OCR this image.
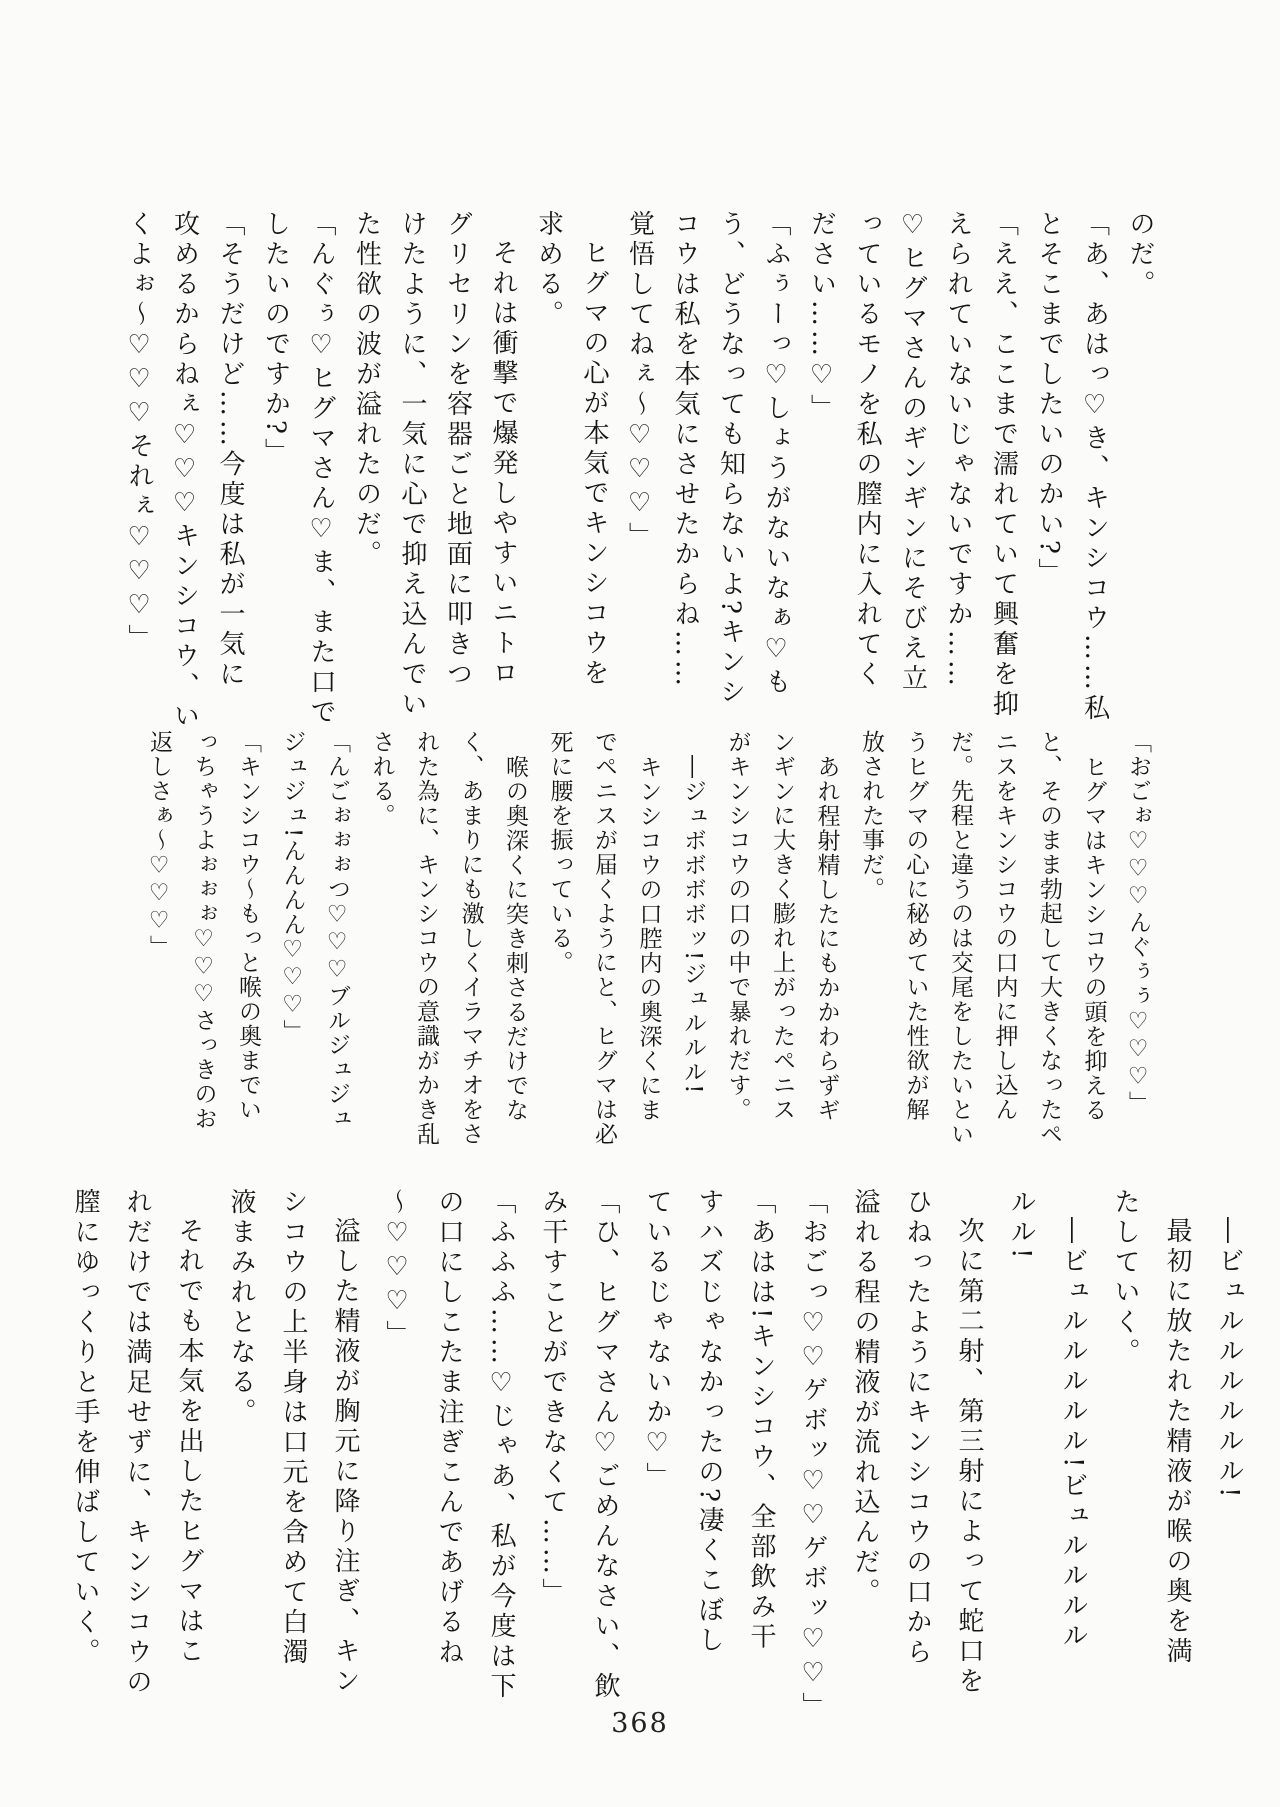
のだ。
「あ、あはっ♡き、キンシコウ……私
とそこまでしたいのかい?」
「ええ、ここまで濡れていて興奮を抑
えられていないじゃないですか……
♡ヒグマさんのギンギンにそびえ立
っているモノを私の膣内に入れてく
ださい……♡」
「ふぅーっ♡しょうがないなぁ♡も
う、どうなっても知らないよ?キンシ
コウは私を本気にさせたからね……
覚悟してねぇ〜♡♡♡」
ヒグマの心が本気でキンシコウを
求める。
それは衝撃で爆発しやすいニトロ
グリセリンを容器ごと地面に叩きつ
けたように、一気に心で抑え込んでい
た性欲の波が溢れたのだ。
「んぐぅ♡ヒグマさん♡ま、また口で
したいのですか?」
「そうだけど……今度は私が一気に
攻めるからねぇ♡♡♡キンシコウ、い
くよぉ〜♡♡♡それぇ♡♡♡」
「おごぉ♡♡♡んぐぅぅ♡♡♡」
ヒグマはキンシコウの頭を抑える
と、そのまま勃起して大きくなったペ
ニスをキンシコウの口内に押し込ん
だ。先程と違うのは交尾をしたいとい
うヒグマの心に秘めていた性欲が解
放された事だ。
あれ程射精したにもかかわらずギ
ンギンに大きく膨れ上がったペニス
がキンシコウの口の中で暴れだす。
―ジュボボボボッ!ジュルルル!
キンシコウの口腔内の奥深くにま
でペニスが届くようにと、ヒグマは必
死に腰を振っている。
喉の奥深くに突き刺さるだけでな
く、あまりにも激しくイラマチオをさ
れた為に、キンシコウの意識がかき乱
される。
「んごぉぉぉつ♡♡♡ブルジュジュ
ジュジュ!んんんん♡♡♡」
「キンシコウ〜もっと喉の奥までい
っちゃうよぉぉぉ♡♡♡さっきのお
返しさぁ〜♡♡♡」
―ビュルルルルルル!
最初に放たれた精液が喉の奥を満
たしていく。
―ビュルルルルル!ビュルルルル
ルル!
次に第二射、第三射によって蛇口を
ひねったようにキンシコウの口から
溢れる程の精液が流れ込んだ。
「おごっ♡♡ゲボッ♡♡ゲボッ♡♡」
「あはは!キンシコウ、全部飲み干
すハズじゃなかったの?凄くこぼし
ているじゃないか♡」
「ひ、ヒグマさん♡ごめんなさい、飲
み干すことができなくて……」
「ふふふ……♡じゃあ、私が今度は下
の口にしこたま注ぎこんであげるね
〜♡♡♡」
溢した精液が胸元に降り注ぎ、キン
シコウの上半身は口元を含めて白濁
液まみれとなる。
それでも本気を出したヒグマはこ
れだけでは満足せずに、キンシコウの
膣にゆっくりと手を伸ばしていく。
368
